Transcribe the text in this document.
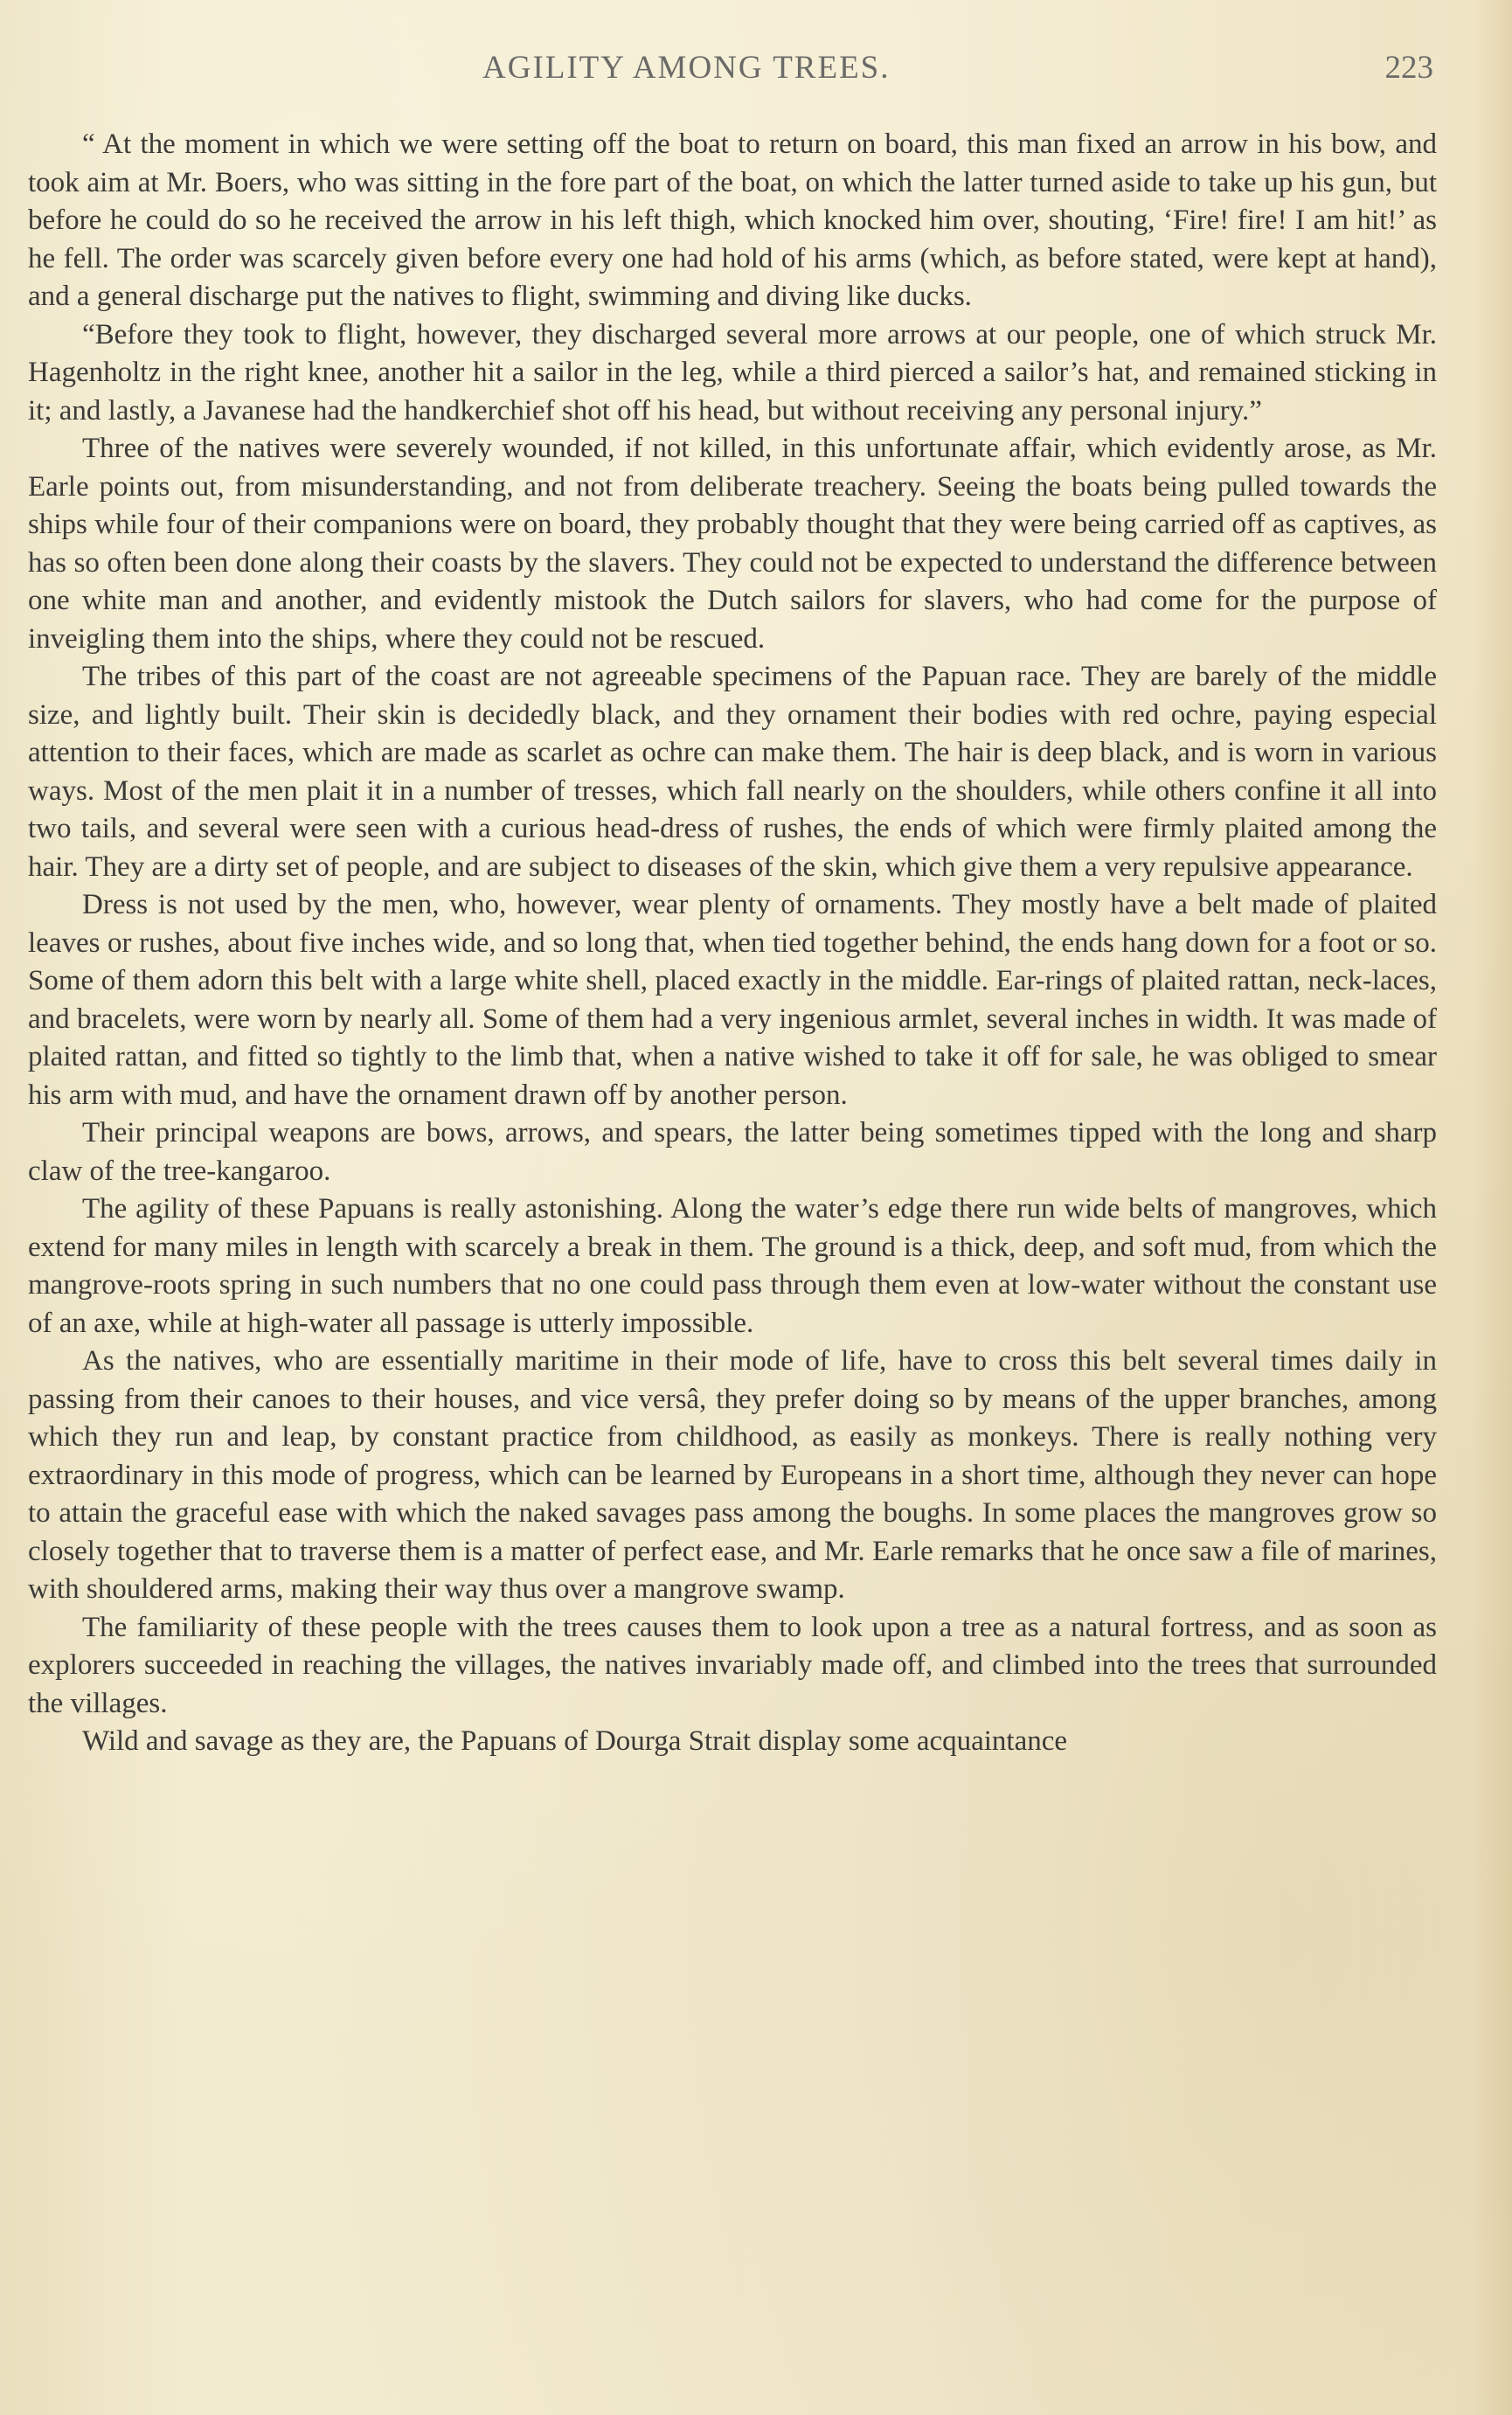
AGILITY AMONG TREES.	223

“ At the moment in which we were setting off the boat to return on board, this man fixed an arrow in his bow, and took aim at Mr. Boers, who was sitting in the fore part of the boat, on which the latter turned aside to take up his gun, but before he could do so he received the arrow in his left thigh, which knocked him over, shouting, ‘Fire! fire! I am hit!’ as he fell. The order was scarcely given before every one had hold of his arms (which, as before stated, were kept at hand), and a general discharge put the natives to flight, swimming and diving like ducks.

“Before they took to flight, however, they discharged several more arrows at our people, one of which struck Mr. Hagenholtz in the right knee, another hit a sailor in the leg, while a third pierced a sailor’s hat, and remained sticking in it; and lastly, a Javanese had the handkerchief shot off his head, but without receiving any personal injury.”

Three of the natives were severely wounded, if not killed, in this unfortunate affair, which evidently arose, as Mr. Earle points out, from misunderstanding, and not from deliberate treachery. Seeing the boats being pulled towards the ships while four of their companions were on board, they probably thought that they were being carried off as captives, as has so often been done along their coasts by the slavers. They could not be expected to understand the difference between one white man and another, and evidently mistook the Dutch sailors for slavers, who had come for the purpose of inveigling them into the ships, where they could not be rescued.

The tribes of this part of the coast are not agreeable specimens of the Papuan race. They are barely of the middle size, and lightly built. Their skin is decidedly black, and they ornament their bodies with red ochre, paying especial attention to their faces, which are made as scarlet as ochre can make them. The hair is deep black, and is worn in various ways. Most of the men plait it in a number of tresses, which fall nearly on the shoulders, while others confine it all into two tails, and several were seen with a curious head-dress of rushes, the ends of which were firmly plaited among the hair. They are a dirty set of people, and are subject to diseases of the skin, which give them a very repulsive appearance.

Dress is not used by the men, who, however, wear plenty of ornaments. They mostly have a belt made of plaited leaves or rushes, about five inches wide, and so long that, when tied together behind, the ends hang down for a foot or so. Some of them adorn this belt with a large white shell, placed exactly in the middle. Ear-rings of plaited rattan, neck-laces, and bracelets, were worn by nearly all. Some of them had a very ingenious armlet, several inches in width. It was made of plaited rattan, and fitted so tightly to the limb that, when a native wished to take it off for sale, he was obliged to smear his arm with mud, and have the ornament drawn off by another person.

Their principal weapons are bows, arrows, and spears, the latter being sometimes tipped with the long and sharp claw of the tree-kangaroo.

The agility of these Papuans is really astonishing. Along the water’s edge there run wide belts of mangroves, which extend for many miles in length with scarcely a break in them. The ground is a thick, deep, and soft mud, from which the mangrove-roots spring in such numbers that no one could pass through them even at low-water without the constant use of an axe, while at high-water all passage is utterly impossible.

As the natives, who are essentially maritime in their mode of life, have to cross this belt several times daily in passing from their canoes to their houses, and vice versâ, they prefer doing so by means of the upper branches, among which they run and leap, by constant practice from childhood, as easily as monkeys. There is really nothing very extraordinary in this mode of progress, which can be learned by Europeans in a short time, although they never can hope to attain the graceful ease with which the naked savages pass among the boughs. In some places the mangroves grow so closely together that to traverse them is a matter of perfect ease, and Mr. Earle remarks that he once saw a file of marines, with shouldered arms, making their way thus over a mangrove swamp.

The familiarity of these people with the trees causes them to look upon a tree as a natural fortress, and as soon as explorers succeeded in reaching the villages, the natives invariably made off, and climbed into the trees that surrounded the villages.

Wild and savage as they are, the Papuans of Dourga Strait display some acquaintance
